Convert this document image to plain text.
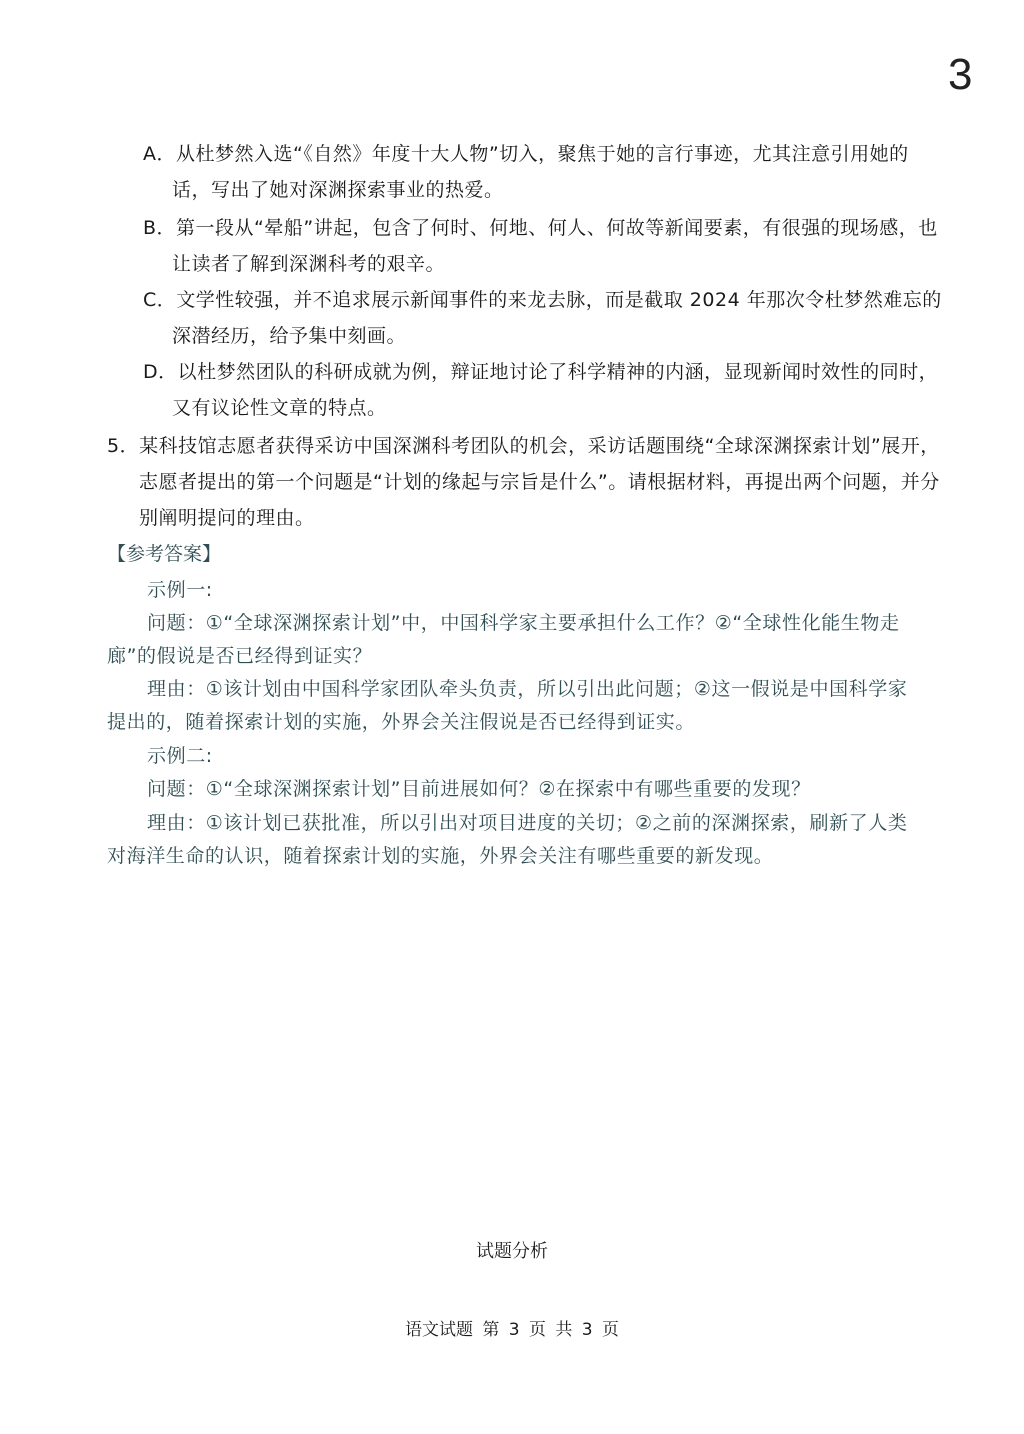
3
A．从杜梦然入选“《自然》年度十大人物”切入，聚焦于她的言行事迹，尤其注意引用她的话，写出了她对深渊探索事业的热爱。
B．第一段从“晕船”讲起，包含了何时、何地、何人、何故等新闻要素，有很强的现场感，也让读者了解到深渊科考的艰辛。
C．文学性较强，并不追求展示新闻事件的来龙去脉，而是截取 2024 年那次令杜梦然难忘的深潜经历，给予集中刻画。
D．以杜梦然团队的科研成就为例，辩证地讨论了科学精神的内涵，显现新闻时效性的同时，又有议论性文章的特点。
5．某科技馆志愿者获得采访中国深渊科考团队的机会，采访话题围绕“全球深渊探索计划”展开，志愿者提出的第一个问题是“计划的缘起与宗旨是什么”。请根据材料，再提出两个问题，并分别阐明提问的理由。
【参考答案】
示例一:
问题：①“全球深渊探索计划”中，中国科学家主要承担什么工作？②“全球性化能生物走廊”的假说是否已经得到证实？
理由：①该计划由中国科学家团队牵头负责，所以引出此问题；②这一假说是中国科学家提出的，随着探索计划的实施，外界会关注假说是否已经得到证实。
示例二:
问题：①“全球深渊探索计划”目前进展如何？②在探索中有哪些重要的发现？
理由：①该计划已获批准，所以引出对项目进度的关切；②之前的深渊探索，刷新了人类对海洋生命的认识，随着探索计划的实施，外界会关注有哪些重要的新发现。
试题分析
语文试题 第 3 页 共 3 页
